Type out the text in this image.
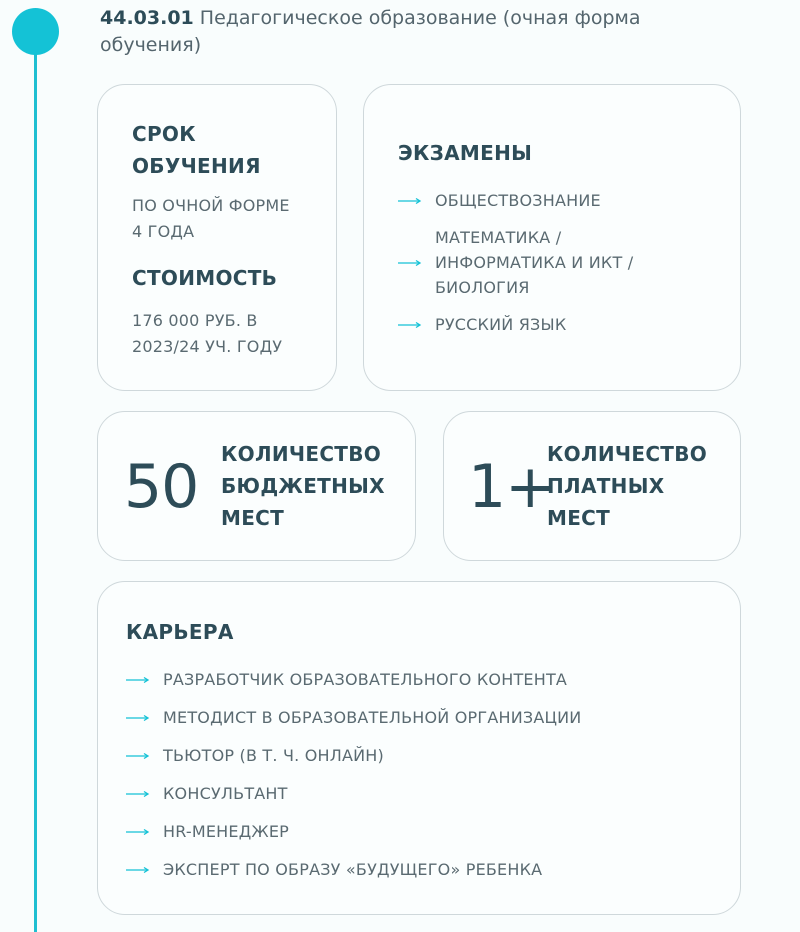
44.03.01 Педагогическое образование (очная форма обучения)
СРОК ОБУЧЕНИЯ
ПО ОЧНОЙ ФОРМЕ 4 ГОДА
СТОИМОСТЬ
176 000 РУБ. В 2023/24 УЧ. ГОДУ
ЭКЗАМЕНЫ
ОБЩЕСТВОЗНАНИЕ
МАТЕМАТИКА / ИНФОРМАТИКА И ИКТ / БИОЛОГИЯ
РУССКИЙ ЯЗЫК
50 КОЛИЧЕСТВО БЮДЖЕТНЫХ МЕСТ	1+
КОЛИЧЕСТВО ПЛАТНЫХ МЕСТ
КАРЬЕРА
РАЗРАБОТЧИК ОБРАЗОВАТЕЛЬНОГО КОНТЕНТА
МЕТОДИСТ В ОБРАЗОВАТЕЛЬНОЙ ОРГАНИЗАЦИИ
ТЬЮТОР (В Т. Ч. ОНЛАЙН)
КОНСУЛЬТАНТ
HR-МЕНЕДЖЕР
ЭКСПЕРТ ПО ОБРАЗУ «БУДУЩЕГО» РЕБЕНКА
